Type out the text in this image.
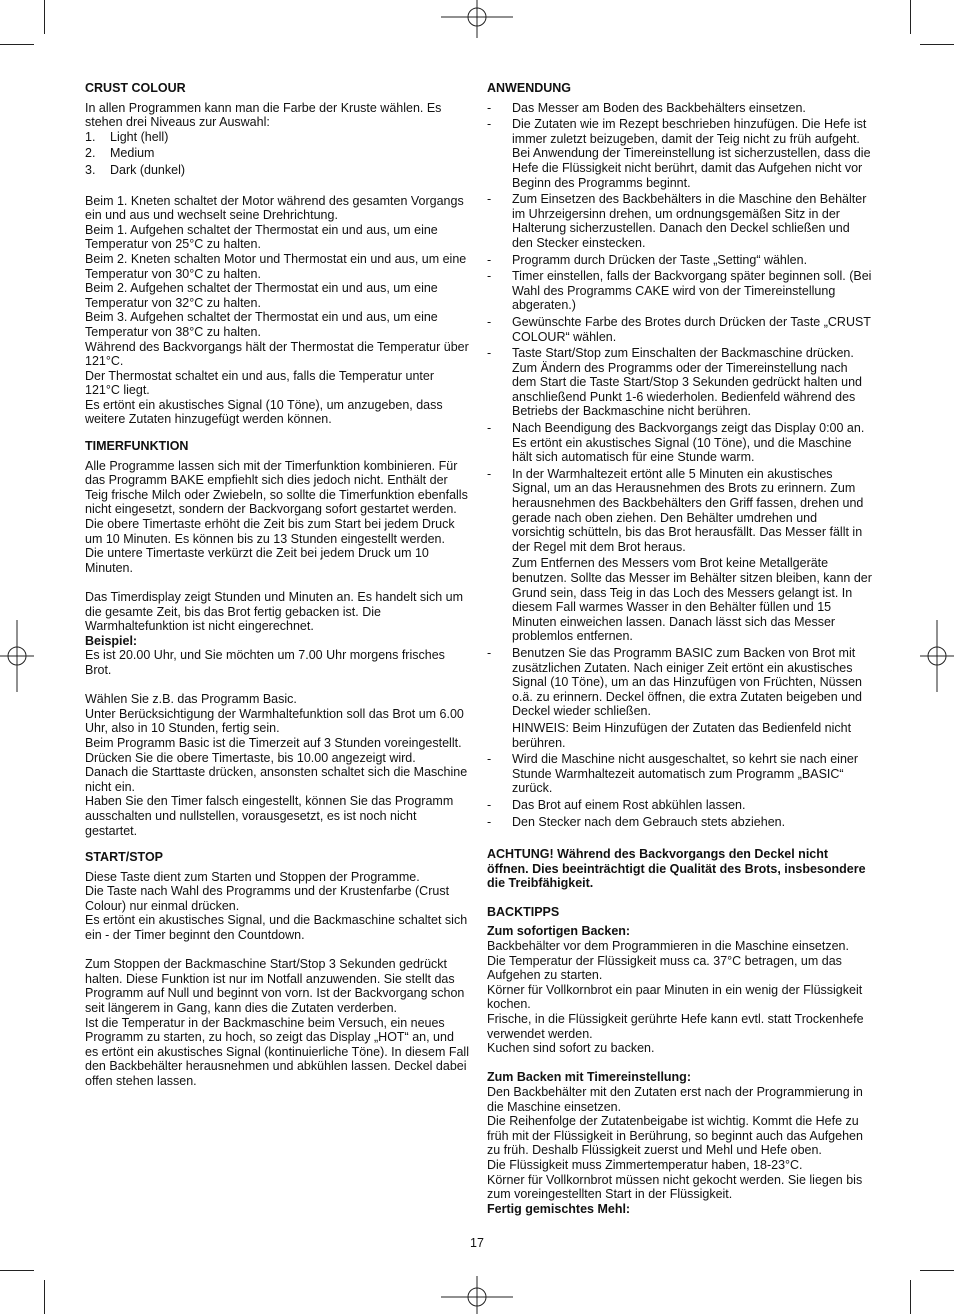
CRUST COLOUR

In allen Programmen kann man die Farbe der Kruste wählen. Es stehen drei Niveaus zur Auswahl:

1.	Light (hell)
2.	Medium
3.	Dark (dunkel)

Beim 1. Kneten schaltet der Motor während des gesamten Vorgangs ein und aus und wechselt seine Drehrichtung.

Beim 1. Aufgehen schaltet der Thermostat ein und aus, um eine Temperatur von 25°C zu halten.

Beim 2. Kneten schalten Motor und Thermostat ein und aus, um eine Temperatur von 30°C zu halten.

Beim 2. Aufgehen schaltet der Thermostat ein und aus, um eine Temperatur von 32°C zu halten.

Beim 3. Aufgehen schaltet der Thermostat ein und aus, um eine Temperatur von 38°C zu halten.

Während des Backvorgangs hält der Thermostat die Temperatur über 121°C.

Der Thermostat schaltet ein und aus, falls die Temperatur unter 121°C liegt.

Es ertönt ein akustisches Signal (10 Töne), um anzugeben, dass weitere Zutaten hinzugefügt werden können.

TIMERFUNKTION

Alle Programme lassen sich mit der Timerfunktion kombinieren. Für das Programm BAKE empfiehlt sich dies jedoch nicht. Enthält der Teig frische Milch oder Zwiebeln, so sollte die Timerfunktion ebenfalls nicht eingesetzt, sondern der Backvorgang sofort gestartet werden.

Die obere Timertaste erhöht die Zeit bis zum Start bei jedem Druck um 10 Minuten. Es können bis zu 13 Stunden eingestellt werden.

Die untere Timertaste verkürzt die Zeit bei jedem Druck um 10 Minuten.

Das Timerdisplay zeigt Stunden und Minuten an. Es handelt sich um die gesamte Zeit, bis das Brot fertig gebacken ist. Die Warmhaltefunktion ist nicht eingerechnet.

Beispiel:

Es ist 20.00 Uhr, und Sie möchten um 7.00 Uhr morgens frisches Brot.

Wählen Sie z.B. das Programm Basic.

Unter Berücksichtigung der Warmhaltefunktion soll das Brot um 6.00 Uhr, also in 10 Stunden, fertig sein.

Beim Programm Basic ist die Timerzeit auf 3 Stunden voreingestellt. Drücken Sie die obere Timertaste, bis 10.00 angezeigt wird.

Danach die Starttaste drücken, ansonsten schaltet sich die Maschine nicht ein.

Haben Sie den Timer falsch eingestellt, können Sie das Programm ausschalten und nullstellen, vorausgesetzt, es ist noch nicht gestartet.

START/STOP

Diese Taste dient zum Starten und Stoppen der Programme.

Die Taste nach Wahl des Programms und der Krustenfarbe (Crust Colour) nur einmal drücken.

Es ertönt ein akustisches Signal, und die Backmaschine schaltet sich ein - der Timer beginnt den Countdown.

Zum Stoppen der Backmaschine Start/Stop 3 Sekunden gedrückt halten. Diese Funktion ist nur im Notfall anzuwenden. Sie stellt das Programm auf Null und beginnt von vorn. Ist der Backvorgang schon seit längerem in Gang, kann dies die Zutaten verderben.

Ist die Temperatur in der Backmaschine beim Versuch, ein neues Programm zu starten, zu hoch, so zeigt das Display „HOT“ an, und es ertönt ein akustisches Signal (kontinuierliche Töne). In diesem Fall den Backbehälter herausnehmen und abkühlen lassen. Deckel dabei offen stehen lassen.

ANWENDUNG

-	Das Messer am Boden des Backbehälters einsetzen.
-	Die Zutaten wie im Rezept beschrieben hinzufügen. Die Hefe ist immer zuletzt beizugeben, damit der Teig nicht zu früh aufgeht. Bei Anwendung der Timereinstellung ist sicherzustellen, dass die Hefe die Flüssigkeit nicht berührt, damit das Aufgehen nicht vor Beginn des Programms beginnt.
-	Zum Einsetzen des Backbehälters in die Maschine den Behälter im Uhrzeigersinn drehen, um ordnungsgemäßen Sitz in der Halterung sicherzustellen. Danach den Deckel schließen und den Stecker einstecken.
-	Programm durch Drücken der Taste „Setting“ wählen.
-	Timer einstellen, falls der Backvorgang später beginnen soll. (Bei Wahl des Programms CAKE wird von der Timereinstellung abgeraten.)
-	Gewünschte Farbe des Brotes durch Drücken der Taste „CRUST COLOUR“ wählen.
-	Taste Start/Stop zum Einschalten der Backmaschine drücken. Zum Ändern des Programms oder der Timereinstellung nach dem Start die Taste Start/Stop 3 Sekunden gedrückt halten und anschließend Punkt 1-6 wiederholen. Bedienfeld während des Betriebs der Backmaschine nicht berühren.
-	Nach Beendigung des Backvorgangs zeigt das Display 0:00 an. Es ertönt ein akustisches Signal (10 Töne), und die Maschine hält sich automatisch für eine Stunde warm.
-	In der Warmhaltezeit ertönt alle 5 Minuten ein akustisches Signal, um an das Herausnehmen des Brots zu erinnern. Zum herausnehmen des Backbehälters den Griff fassen, drehen und gerade nach oben ziehen. Den Behälter umdrehen und vorsichtig schütteln, bis das Brot herausfällt. Das Messer fällt in der Regel mit dem Brot heraus.
Zum Entfernen des Messers vom Brot keine Metallgeräte benutzen. Sollte das Messer im Behälter sitzen bleiben, kann der Grund sein, dass Teig in das Loch des Messers gelangt ist. In diesem Fall warmes Wasser in den Behälter füllen und 15 Minuten einweichen lassen. Danach lässt sich das Messer problemlos entfernen.
-	Benutzen Sie das Programm BASIC zum Backen von Brot mit zusätzlichen Zutaten. Nach einiger Zeit ertönt ein akustisches Signal (10 Töne), um an das Hinzufügen von Früchten, Nüssen o.ä. zu erinnern. Deckel öffnen, die extra Zutaten beigeben und Deckel wieder schließen.
HINWEIS: Beim Hinzufügen der Zutaten das Bedienfeld nicht berühren.
-	Wird die Maschine nicht ausgeschaltet, so kehrt sie nach einer Stunde Warmhaltezeit automatisch zum Programm „BASIC“ zurück.
-	Das Brot auf einem Rost abkühlen lassen.
-	Den Stecker nach dem Gebrauch stets abziehen.

ACHTUNG! Während des Backvorgangs den Deckel nicht öffnen. Dies beeinträchtigt die Qualität des Brots, insbesondere die Treibfähigkeit.

BACKTIPPS

Zum sofortigen Backen:

Backbehälter vor dem Programmieren in die Maschine einsetzen.

Die Temperatur der Flüssigkeit muss ca. 37°C betragen, um das Aufgehen zu starten.

Körner für Vollkornbrot ein paar Minuten in ein wenig der Flüssigkeit kochen.

Frische, in die Flüssigkeit gerührte Hefe kann evtl. statt Trockenhefe verwendet werden.

Kuchen sind sofort zu backen.

Zum Backen mit Timereinstellung:

Den Backbehälter mit den Zutaten erst nach der Programmierung in die Maschine einsetzen.

Die Reihenfolge der Zutatenbeigabe ist wichtig. Kommt die Hefe zu früh mit der Flüssigkeit in Berührung, so beginnt auch das Aufgehen zu früh. Deshalb Flüssigkeit zuerst und Mehl und Hefe oben.

Die Flüssigkeit muss Zimmertemperatur haben, 18-23°C.

Körner für Vollkornbrot müssen nicht gekocht werden. Sie liegen bis zum voreingestellten Start in der Flüssigkeit.

Fertig gemischtes Mehl:

17
